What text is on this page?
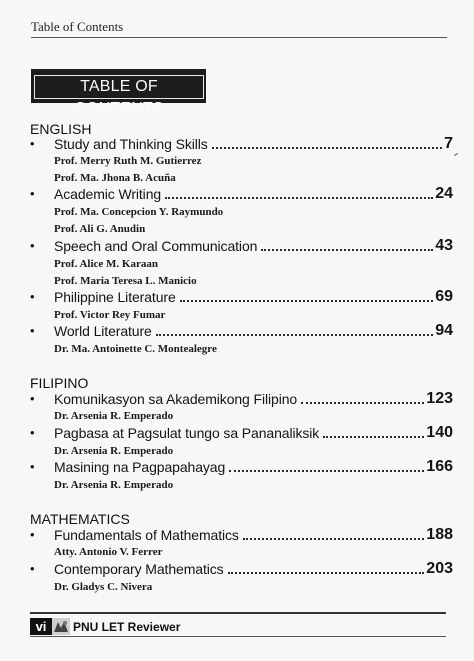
Table of Contents
TABLE OF CONTENTS
ENGLISH
•	Study and Thinking Skills	7
Prof. Merry Ruth M. Gutierrez
Prof. Ma. Jhona B. Acuña
•	Academic Writing	24
Prof. Ma. Concepcion Y. Raymundo
Prof. Ali G. Anudin
•	Speech and Oral Communication	43
Prof. Alice M. Karaan
Prof. Maria Teresa L. Manicio
•	Philippine Literature	69
Prof. Victor Rey Fumar
•	World Literature	94
Dr. Ma. Antoinette C. Montealegre
FILIPINO
•	Komunikasyon sa Akademikong Filipino	123
Dr. Arsenia R. Emperado
•	Pagbasa at Pagsulat tungo sa Pananaliksik	140
Dr. Arsenia R. Emperado
•	Masining na Pagpapahayag	166
Dr. Arsenia R. Emperado
MATHEMATICS
•	Fundamentals of Mathematics	188
Atty. Antonio V. Ferrer
•	Contemporary Mathematics	203
Dr. Gladys C. Nivera
vi	PNU LET Reviewer
